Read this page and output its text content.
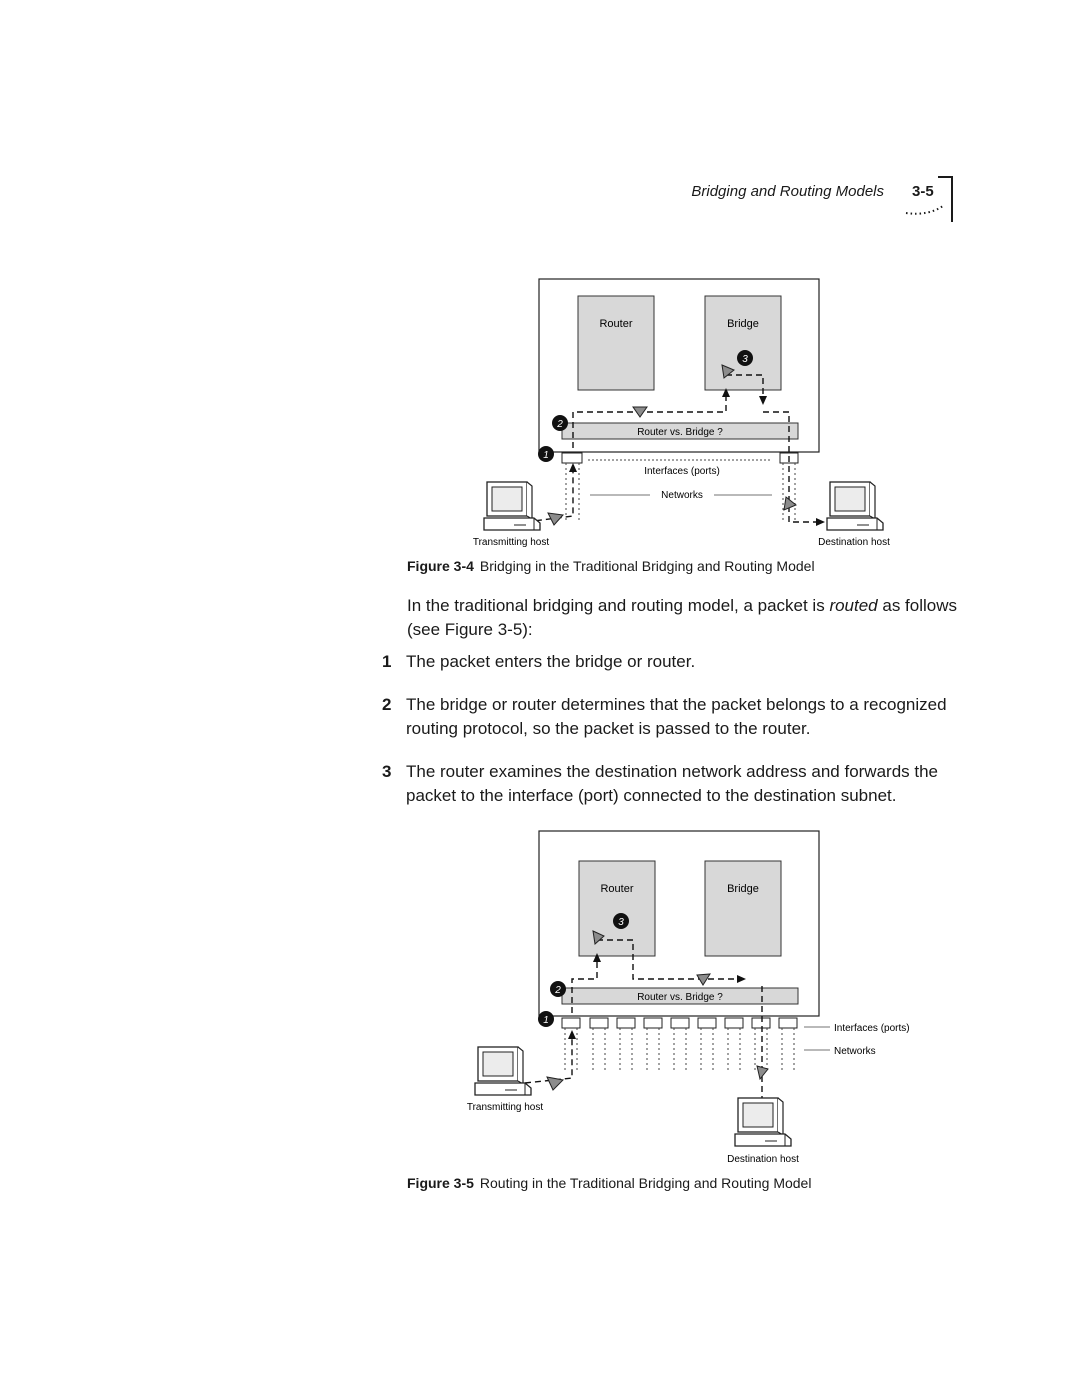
Bridging and Routing Models 3-5
Router	Bridge
Router vs. Bridge ?
Interfaces (ports)
Networks
1
2
3
Transmitting host	Destination host
Figure 3-4 Bridging in the Traditional Bridging and Routing Model
In the traditional bridging and routing model, a packet is routed as follows (see Figure 3-5):
1 The packet enters the bridge or router.
2 The bridge or router determines that the packet belongs to a recognized routing protocol, so the packet is passed to the router.
3 The router examines the destination network address and forwards the packet to the interface (port) connected to the destination subnet.
Router	Bridge
Router vs. Bridge ?
Interfaces (ports)
Networks
1
2
3
Transmitting host
Destination host
Figure 3-5 Routing in the Traditional Bridging and Routing Model
